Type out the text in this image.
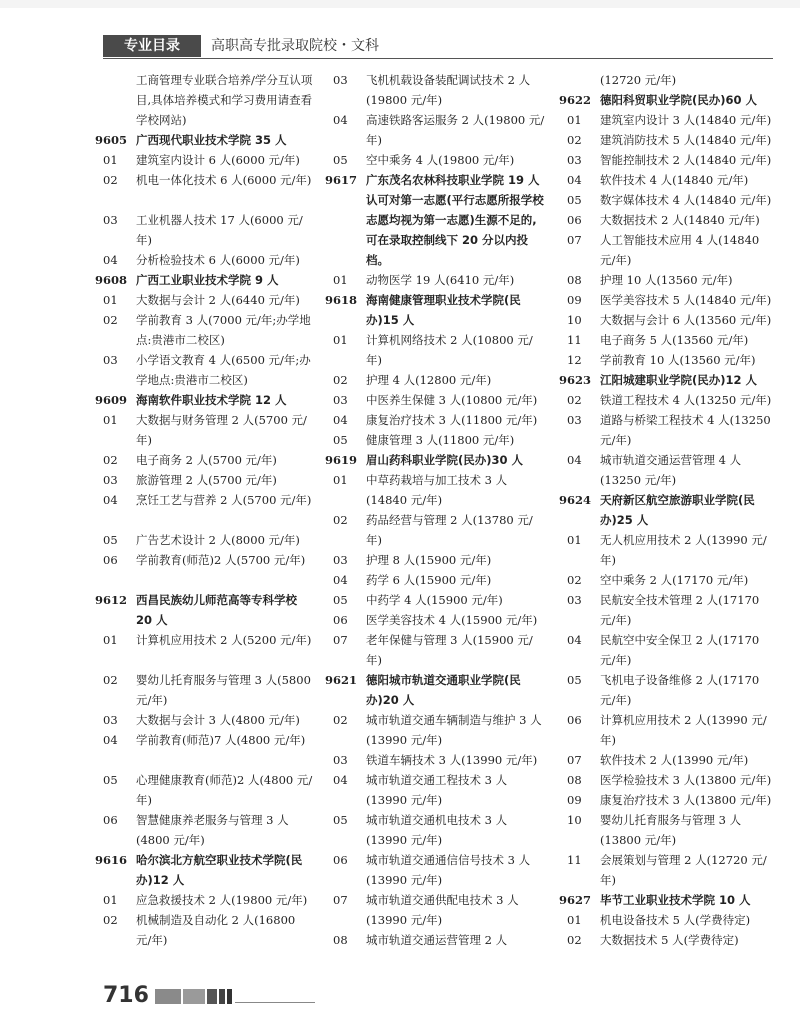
专业目录	高职高专批录取院校・文科
工商管理专业联合培养/学分互认项目,具体培养模式和学习费用请查看学校网站)
9605 广西现代职业技术学院 35 人
01	建筑室内设计 6 人(6000 元/年)
02	机电一体化技术 6 人(6000 元/年)
03	工业机器人技术 17 人(6000 元/年)
04	分析检验技术 6 人(6000 元/年)
9608 广西工业职业技术学院 9 人
01	大数据与会计 2 人(6440 元/年)
02	学前教育 3 人(7000 元/年;办学地点:贵港市二校区)
03	小学语文教育 4 人(6500 元/年;办学地点:贵港市二校区)
9609 海南软件职业技术学院 12 人
01	大数据与财务管理 2 人(5700 元/年)
02	电子商务 2 人(5700 元/年)
03	旅游管理 2 人(5700 元/年)
04	烹饪工艺与营养 2 人(5700 元/年)
05	广告艺术设计 2 人(8000 元/年)
06	学前教育(师范)2 人(5700 元/年)
9612 西昌民族幼儿师范高等专科学校 20 人
01	计算机应用技术 2 人(5200 元/年)
02	婴幼儿托育服务与管理 3 人(5800 元/年)
03	大数据与会计 3 人(4800 元/年)
04	学前教育(师范)7 人(4800 元/年)
05	心理健康教育(师范)2 人(4800 元/年)
06	智慧健康养老服务与管理 3 人(4800 元/年)
9616 哈尔滨北方航空职业技术学院(民办)12 人
01	应急救援技术 2 人(19800 元/年)
02	机械制造及自动化 2 人(16800 元/年)
03	飞机机载设备装配调试技术 2 人(19800 元/年)
04	高速铁路客运服务 2 人(19800 元/年)
05	空中乘务 4 人(19800 元/年)
9617 广东茂名农林科技职业学院 19 人
认可对第一志愿(平行志愿所报学校志愿均视为第一志愿)生源不足的,可在录取控制线下 20 分以内投档。
01	动物医学 19 人(6410 元/年)
9618 海南健康管理职业技术学院(民办)15 人
01	计算机网络技术 2 人(10800 元/年)
02	护理 4 人(12800 元/年)
03	中医养生保健 3 人(10800 元/年)
04	康复治疗技术 3 人(11800 元/年)
05	健康管理 3 人(11800 元/年)
9619 眉山药科职业学院(民办)30 人
01	中草药栽培与加工技术 3 人(14840 元/年)
02	药品经营与管理 2 人(13780 元/年)
03	护理 8 人(15900 元/年)
04	药学 6 人(15900 元/年)
05	中药学 4 人(15900 元/年)
06	医学美容技术 4 人(15900 元/年)
07	老年保健与管理 3 人(15900 元/年)
9621 德阳城市轨道交通职业学院(民办)20 人
02	城市轨道交通车辆制造与维护 3 人(13990 元/年)
03	铁道车辆技术 3 人(13990 元/年)
04	城市轨道交通工程技术 3 人(13990 元/年)
05	城市轨道交通机电技术 3 人(13990 元/年)
06	城市轨道交通通信信号技术 3 人(13990 元/年)
07	城市轨道交通供配电技术 3 人(13990 元/年)
08	城市轨道交通运营管理 2 人
(12720 元/年)
9622 德阳科贸职业学院(民办)60 人
01	建筑室内设计 3 人(14840 元/年)
02	建筑消防技术 5 人(14840 元/年)
03	智能控制技术 2 人(14840 元/年)
04	软件技术 4 人(14840 元/年)
05	数字媒体技术 4 人(14840 元/年)
06	大数据技术 2 人(14840 元/年)
07	人工智能技术应用 4 人(14840 元/年)
08	护理 10 人(13560 元/年)
09	医学美容技术 5 人(14840 元/年)
10	大数据与会计 6 人(13560 元/年)
11	电子商务 5 人(13560 元/年)
12	学前教育 10 人(13560 元/年)
9623 江阳城建职业学院(民办)12 人
02	铁道工程技术 4 人(13250 元/年)
03	道路与桥梁工程技术 4 人(13250 元/年)
04	城市轨道交通运营管理 4 人(13250 元/年)
9624 天府新区航空旅游职业学院(民办)25 人
01	无人机应用技术 2 人(13990 元/年)
02	空中乘务 2 人(17170 元/年)
03	民航安全技术管理 2 人(17170 元/年)
04	民航空中安全保卫 2 人(17170 元/年)
05	飞机电子设备维修 2 人(17170 元/年)
06	计算机应用技术 2 人(13990 元/年)
07	软件技术 2 人(13990 元/年)
08	医学检验技术 3 人(13800 元/年)
09	康复治疗技术 3 人(13800 元/年)
10	婴幼儿托育服务与管理 3 人(13800 元/年)
11	会展策划与管理 2 人(12720 元/年)
9627 毕节工业职业技术学院 10 人
01	机电设备技术 5 人(学费待定)
02	大数据技术 5 人(学费待定)
716
